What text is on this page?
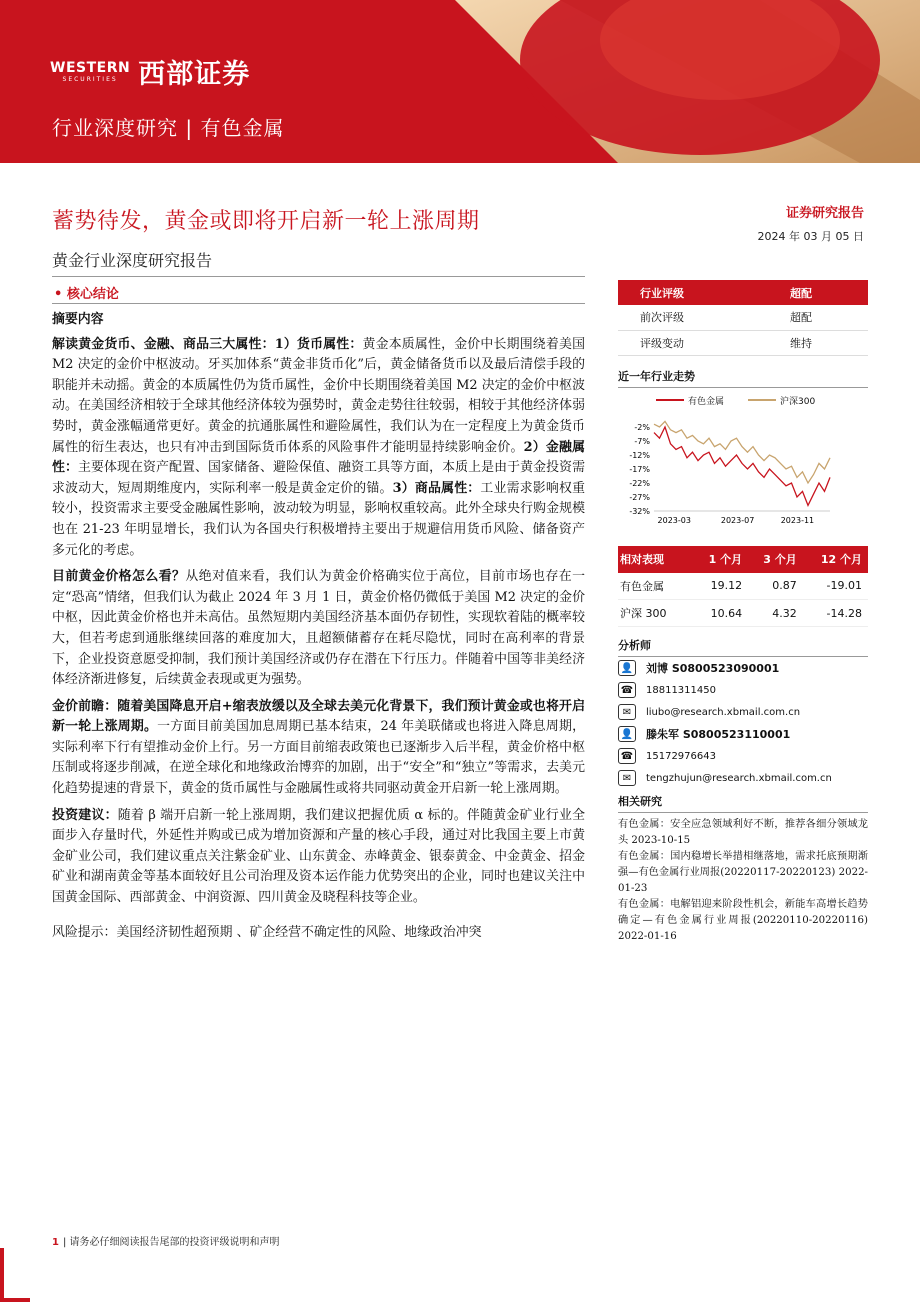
WESTERN
SECURITIES 西部证券
行业深度研究 | 有色金属
蓄势待发，黄金或即将开启新一轮上涨周期
黄金行业深度研究报告
证券研究报告
2024 年 03 月 05 日
• 核心结论

摘要内容

解读黄金货币、金融、商品三大属性：1）货币属性：黄金本质属性，金价中长期围绕着美国 M2 决定的金价中枢波动。牙买加体系“黄金非货币化”后，黄金储备货币以及最后清偿手段的职能并未动摇。黄金的本质属性仍为货币属性，金价中长期围绕着美国 M2 决定的金价中枢波动。在美国经济相较于全球其他经济体较为强势时，黄金走势往往较弱，相较于其他经济体弱势时，黄金涨幅通常更好。黄金的抗通胀属性和避险属性，我们认为在一定程度上为黄金货币属性的衍生表达，也只有冲击到国际货币体系的风险事件才能明显持续影响金价。2）金融属性：主要体现在资产配置、国家储备、避险保值、融资工具等方面，本质上是由于黄金投资需求波动大，短周期维度内，实际利率一般是黄金定价的锚。3）商品属性：工业需求影响权重较小，投资需求主要受金融属性影响，波动较为明显，影响权重较高。此外全球央行购金规模也在 21-23 年明显增长，我们认为各国央行积极增持主要出于规避信用货币风险、储备资产多元化的考虑。

目前黄金价格怎么看？从绝对值来看，我们认为黄金价格确实位于高位，目前市场也存在一定“恐高”情绪，但我们认为截止 2024 年 3 月 1 日，黄金价格仍微低于美国 M2 决定的金价中枢，因此黄金价格也并未高估。虽然短期内美国经济基本面仍存韧性，实现软着陆的概率较大，但若考虑到通胀继续回落的难度加大，且超额储蓄存在耗尽隐忧，同时在高利率的背景下，企业投资意愿受抑制，我们预计美国经济或仍存在潜在下行压力。伴随着中国等非美经济体经济渐进修复，后续黄金表现或更为强势。

金价前瞻：随着美国降息开启+缩表放缓以及全球去美元化背景下，我们预计黄金或也将开启新一轮上涨周期。一方面目前美国加息周期已基本结束，24 年美联储或也将进入降息周期，实际利率下行有望推动金价上行。另一方面目前缩表政策也已逐渐步入后半程，黄金价格中枢压制或将逐步削减，在逆全球化和地缘政治博弈的加剧，出于“安全”和“独立”等需求，去美元化趋势提速的背景下，黄金的货币属性与金融属性或将共同驱动黄金开启新一轮上涨周期。

投资建议：随着 β 端开启新一轮上涨周期，我们建议把握优质 α 标的。伴随黄金矿业行业全面步入存量时代，外延性并购或已成为增加资源和产量的核心手段，通过对比我国主要上市黄金矿业公司，我们建议重点关注紫金矿业、山东黄金、赤峰黄金、银泰黄金、中金黄金、招金矿业和湖南黄金等基本面较好且公司治理及资本运作能力优势突出的企业，同时也建议关注中国黄金国际、西部黄金、中润资源、四川黄金及晓程科技等企业。

风险提示：美国经济韧性超预期 、矿企经营不确定性的风险、地缘政治冲突

行业评级	超配
前次评级	超配
评级变动	维持
近一年行业走势
有色金属	沪深300
-2%
-7%
-12%
-17%
-22%
-27%
-32%
2023-03	2023-07	2023-11
相对表现	1 个月	3 个月	12 个月
有色金属	19.12	0.87	-19.01
沪深 300	10.64	4.32	-14.28
分析师
👤 刘博 S0800523090001
☎ 18811311450
✉	liubo@research.xbmail.com.cn
👤 滕朱军 S0800523110001
☎ 15172976643
✉	tengzhujun@research.xbmail.com.cn
相关研究
有色金属：安全应急领域利好不断，推荐各细分领域龙头 2023-10-15
有色金属：国内稳增长举措相继落地，需求托底预期渐强—有色金属行业周报(20220117-20220123) 2022-01-23
有色金属：电解铝迎来阶段性机会，新能车高增长趋势确定—有色金属行业周报(20220110-20220116) 2022-01-16
1 | 请务必仔细阅读报告尾部的投资评级说明和声明
